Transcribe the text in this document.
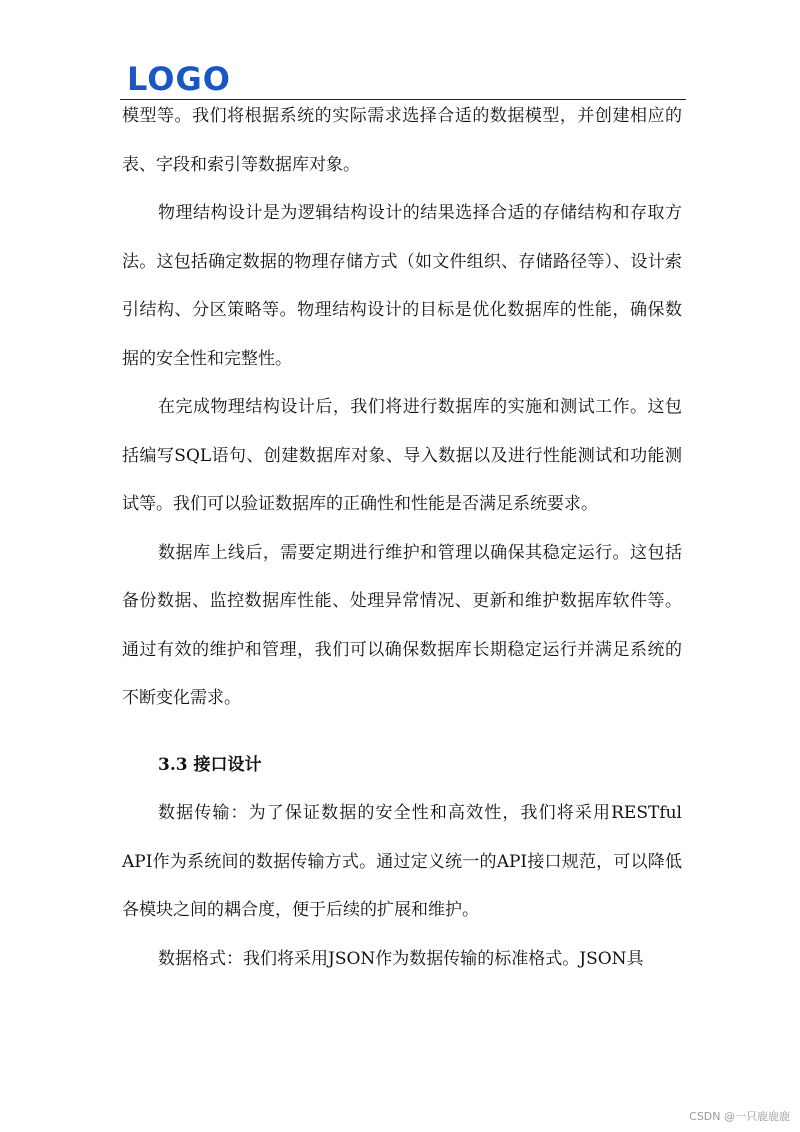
LOGO

模型等。我们将根据系统的实际需求选择合适的数据模型，并创建相应的表、字段和索引等数据库对象。

物理结构设计是为逻辑结构设计的结果选择合适的存储结构和存取方法。这包括确定数据的物理存储方式（如文件组织、存储路径等）、设计索引结构、分区策略等。物理结构设计的目标是优化数据库的性能，确保数据的安全性和完整性。

在完成物理结构设计后，我们将进行数据库的实施和测试工作。这包括编写SQL语句、创建数据库对象、导入数据以及进行性能测试和功能测试等。我们可以验证数据库的正确性和性能是否满足系统要求。

数据库上线后，需要定期进行维护和管理以确保其稳定运行。这包括备份数据、监控数据库性能、处理异常情况、更新和维护数据库软件等。通过有效的维护和管理，我们可以确保数据库长期稳定运行并满足系统的不断变化需求。

3.3 接口设计

数据传输：为了保证数据的安全性和高效性，我们将采用RESTful API作为系统间的数据传输方式。通过定义统一的API接口规范，可以降低各模块之间的耦合度，便于后续的扩展和维护。

数据格式：我们将采用JSON作为数据传输的标准格式。JSON具

CSDN @一只鹿鹿鹿
